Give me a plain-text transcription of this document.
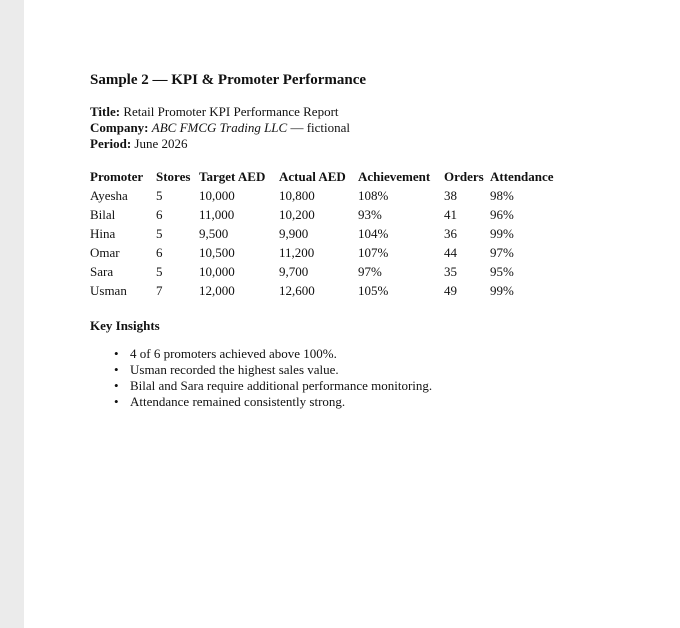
Sample 2 — KPI & Promoter Performance
Title: Retail Promoter KPI Performance Report
Company: ABC FMCG Trading LLC — fictional
Period: June 2026
Promoter	Stores	Target AED	Actual AED	Achievement	Orders	Attendance
Ayesha	5	10,000	10,800	108%	38	98%
Bilal	6	11,000	10,200	93%	41	96%
Hina	5	9,500	9,900	104%	36	99%
Omar	6	10,500	11,200	107%	44	97%
Sara	5	10,000	9,700	97%	35	95%
Usman	7	12,000	12,600	105%	49	99%
Key Insights
• 4 of 6 promoters achieved above 100%.
• Usman recorded the highest sales value.
• Bilal and Sara require additional performance monitoring.
• Attendance remained consistently strong.
